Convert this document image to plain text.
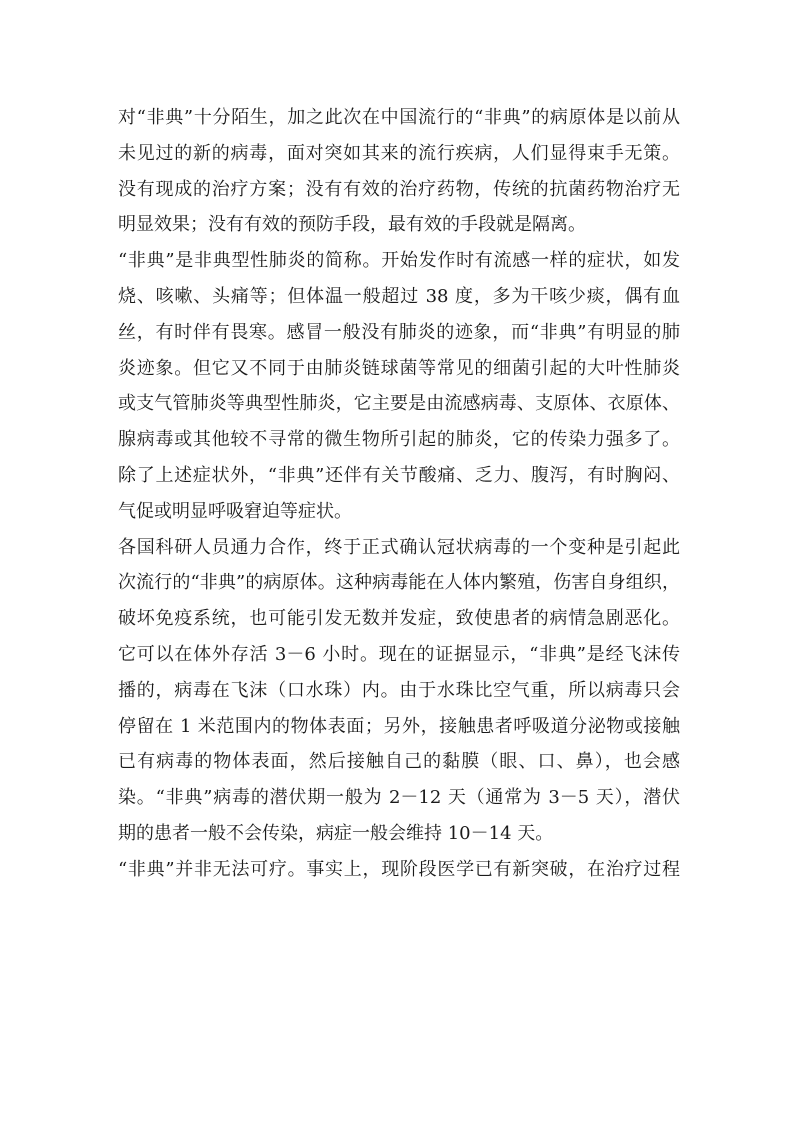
对“非典”十分陌生，加之此次在中国流行的“非典”的病原体是以前从
未见过的新的病毒，面对突如其来的流行疾病，人们显得束手无策。
没有现成的治疗方案；没有有效的治疗药物，传统的抗菌药物治疗无
明显效果；没有有效的预防手段，最有效的手段就是隔离。
“非典”是非典型性肺炎的简称。开始发作时有流感一样的症状，如发
烧、咳嗽、头痛等；但体温一般超过 38 度，多为干咳少痰，偶有血
丝，有时伴有畏寒。感冒一般没有肺炎的迹象，而“非典”有明显的肺
炎迹象。但它又不同于由肺炎链球菌等常见的细菌引起的大叶性肺炎
或支气管肺炎等典型性肺炎，它主要是由流感病毒、支原体、衣原体、
腺病毒或其他较不寻常的微生物所引起的肺炎，它的传染力强多了。
除了上述症状外，“非典”还伴有关节酸痛、乏力、腹泻，有时胸闷、
气促或明显呼吸窘迫等症状。
各国科研人员通力合作，终于正式确认冠状病毒的一个变种是引起此
次流行的“非典”的病原体。这种病毒能在人体内繁殖，伤害自身组织，
破坏免疫系统，也可能引发无数并发症，致使患者的病情急剧恶化。
它可以在体外存活 3－6 小时。现在的证据显示，“非典”是经飞沫传
播的，病毒在飞沫（口水珠）内。由于水珠比空气重，所以病毒只会
停留在 1 米范围内的物体表面；另外，接触患者呼吸道分泌物或接触
已有病毒的物体表面，然后接触自己的黏膜（眼、口、鼻），也会感
染。“非典”病毒的潜伏期一般为 2－12 天（通常为 3－5 天），潜伏
期的患者一般不会传染，病症一般会维持 10－14 天。
“非典”并非无法可疗。事实上，现阶段医学已有新突破，在治疗过程
